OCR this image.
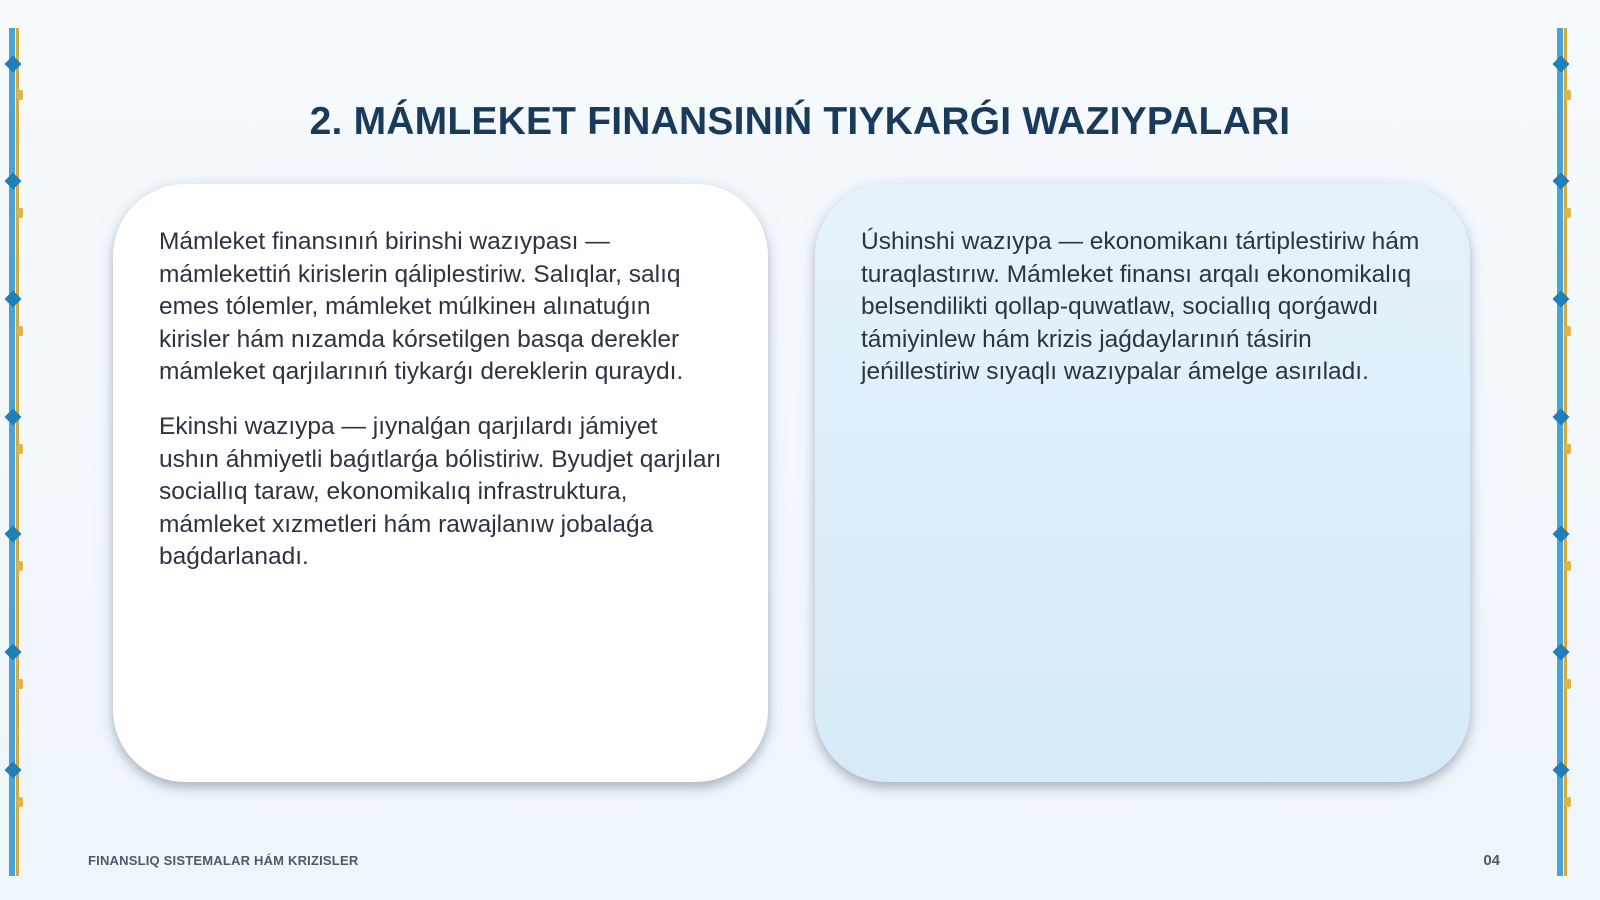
2. MÁMLEKET FINANSINIŃ TIYKARǴI WAZIYPALARI

Mámleket finansınıń birinshi wazıypası — mámlekettiń kirislerin qáliplestiriw. Salıqlar, salıq emes tólemler, mámleket múlkinен alınatuǵın kirisler hám nızamda kórsetilgen basqa derekler mámleket qarjılarınıń tiykarǵı dereklerin quraydı.

Ekinshi wazıypa — jıynalǵan qarjılardı jámiyet ushın áhmiyetli baǵıtlarǵa bólistiriw. Byudjet qarjıları sociallıq taraw, ekonomikalıq infrastruktura, mámleket xızmetleri hám rawajlanıw jobalaǵa baǵdarlanadı.

Úshinshi wazıypa — ekonomikanı tártiplestiriw hám turaqlastırıw. Mámleket finansı arqalı ekonomikalıq belsendilikti qollap-quwatlaw, sociallıq qorǵawdı támiyinlew hám krizis jaǵdaylarınıń tásirin jeńillestiriw sıyaqlı wazıypalar ámelge asırıladı.

FINANSLIQ SISTEMALAR HÁM KRIZISLER	04
